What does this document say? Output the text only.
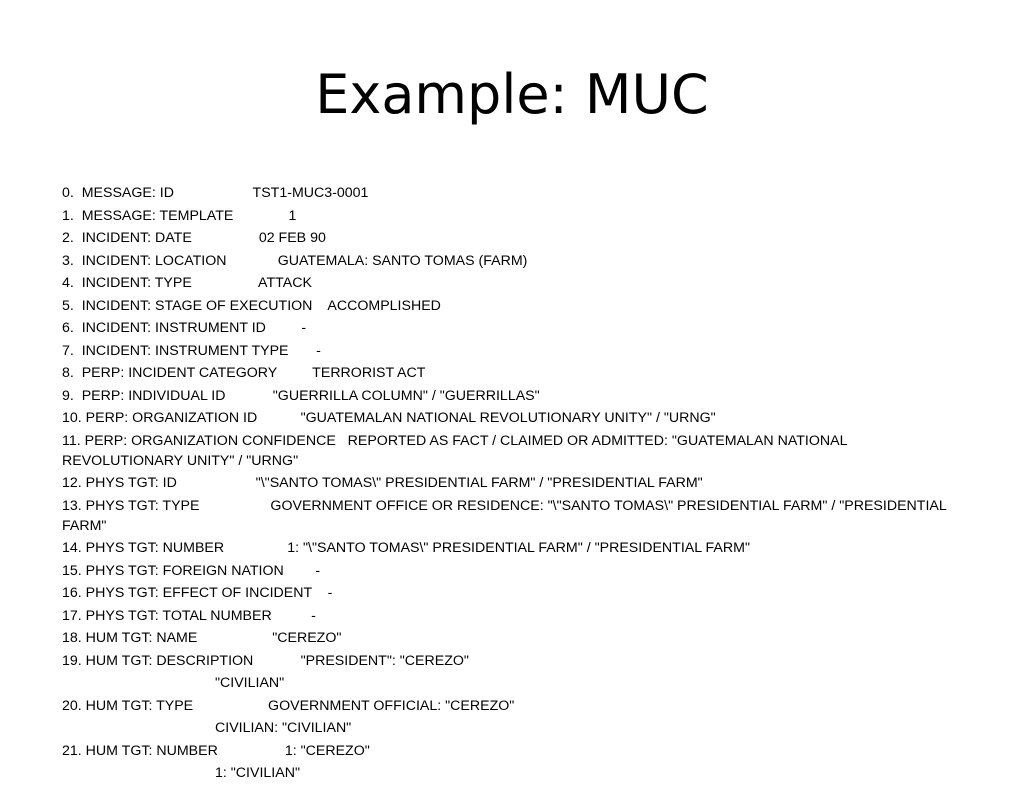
Example: MUC
0.  MESSAGE: ID                    TST1-MUC3-0001
1.  MESSAGE: TEMPLATE              1
2.  INCIDENT: DATE                 02 FEB 90
3.  INCIDENT: LOCATION             GUATEMALA: SANTO TOMAS (FARM)
4.  INCIDENT: TYPE                 ATTACK
5.  INCIDENT: STAGE OF EXECUTION    ACCOMPLISHED
6.  INCIDENT: INSTRUMENT ID         -
7.  INCIDENT: INSTRUMENT TYPE       -
8.  PERP: INCIDENT CATEGORY         TERRORIST ACT
9.  PERP: INDIVIDUAL ID            "GUERRILLA COLUMN" / "GUERRILLAS"
10. PERP: ORGANIZATION ID           "GUATEMALAN NATIONAL REVOLUTIONARY UNITY" / "URNG"
11. PERP: ORGANIZATION CONFIDENCE   REPORTED AS FACT / CLAIMED OR ADMITTED: "GUATEMALAN NATIONAL REVOLUTIONARY UNITY" / "URNG"
12. PHYS TGT: ID                    "\"SANTO TOMAS\" PRESIDENTIAL FARM" / "PRESIDENTIAL FARM"
13. PHYS TGT: TYPE                  GOVERNMENT OFFICE OR RESIDENCE: "\"SANTO TOMAS\" PRESIDENTIAL FARM" / "PRESIDENTIAL FARM"
14. PHYS TGT: NUMBER                1: "\"SANTO TOMAS\" PRESIDENTIAL FARM" / "PRESIDENTIAL FARM"
15. PHYS TGT: FOREIGN NATION        -
16. PHYS TGT: EFFECT OF INCIDENT    -
17. PHYS TGT: TOTAL NUMBER          -
18. HUM TGT: NAME                   "CEREZO"
19. HUM TGT: DESCRIPTION            "PRESIDENT": "CEREZO"
"CIVILIAN"
20. HUM TGT: TYPE                   GOVERNMENT OFFICIAL: "CEREZO"
CIVILIAN: "CIVILIAN"
21. HUM TGT: NUMBER                 1: "CEREZO"
1: "CIVILIAN"
